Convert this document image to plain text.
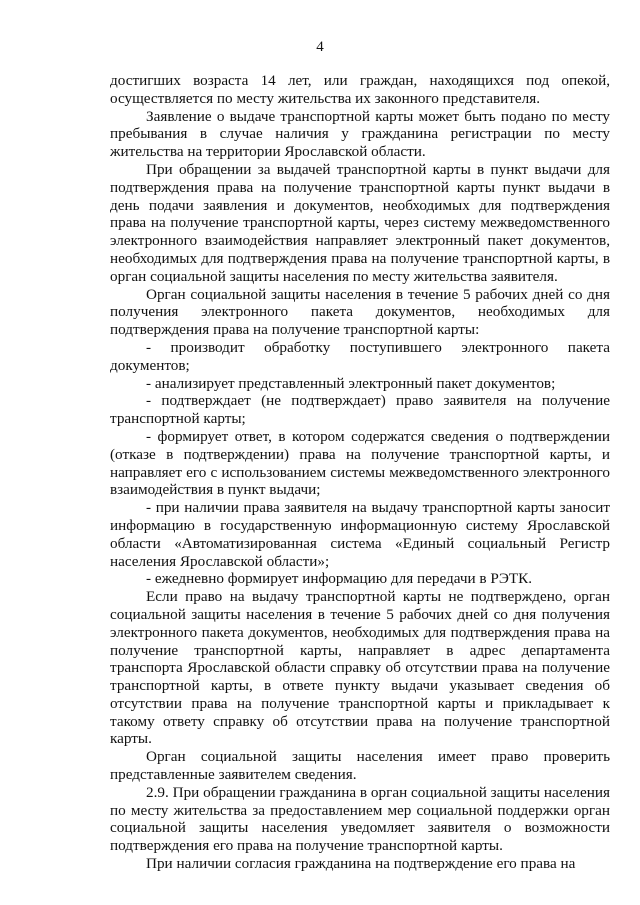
4

достигших возраста 14 лет, или граждан, находящихся под опекой, осуществляется по месту жительства их законного представителя.

Заявление о выдаче транспортной карты может быть подано по месту пребывания в случае наличия у гражданина регистрации по месту жительства на территории Ярославской области.

При обращении за выдачей транспортной карты в пункт выдачи для подтверждения права на получение транспортной карты пункт выдачи в день подачи заявления и документов, необходимых для подтверждения права на получение транспортной карты, через систему межведомственного электронного взаимодействия направляет электронный пакет документов, необходимых для подтверждения права на получение транспортной карты, в орган социальной защиты населения по месту жительства заявителя.

Орган социальной защиты населения в течение 5 рабочих дней со дня получения электронного пакета документов, необходимых для подтверждения права на получение транспортной карты:

- производит обработку поступившего электронного пакета документов;

- анализирует представленный электронный пакет документов;

- подтверждает (не подтверждает) право заявителя на получение транспортной карты;

- формирует ответ, в котором содержатся сведения о подтверждении (отказе в подтверждении) права на получение транспортной карты, и направляет его с использованием системы межведомственного электронного взаимодействия в пункт выдачи;

- при наличии права заявителя на выдачу транспортной карты заносит информацию в государственную информационную систему Ярославской области «Автоматизированная система «Единый социальный Регистр населения Ярославской области»;

- ежедневно формирует информацию для передачи в РЭТК.

Если право на выдачу транспортной карты не подтверждено, орган социальной защиты населения в течение 5 рабочих дней со дня получения электронного пакета документов, необходимых для подтверждения права на получение транспортной карты, направляет в адрес департамента транспорта Ярославской области справку об отсутствии права на получение транспортной карты, в ответе пункту выдачи указывает сведения об отсутствии права на получение транспортной карты и прикладывает к такому ответу справку об отсутствии права на получение транспортной карты.

Орган социальной защиты населения имеет право проверить представленные заявителем сведения.

2.9. При обращении гражданина в орган социальной защиты населения по месту жительства за предоставлением мер социальной поддержки орган социальной защиты населения уведомляет заявителя о возможности подтверждения его права на получение транспортной карты.

При наличии согласия гражданина на подтверждение его права на
